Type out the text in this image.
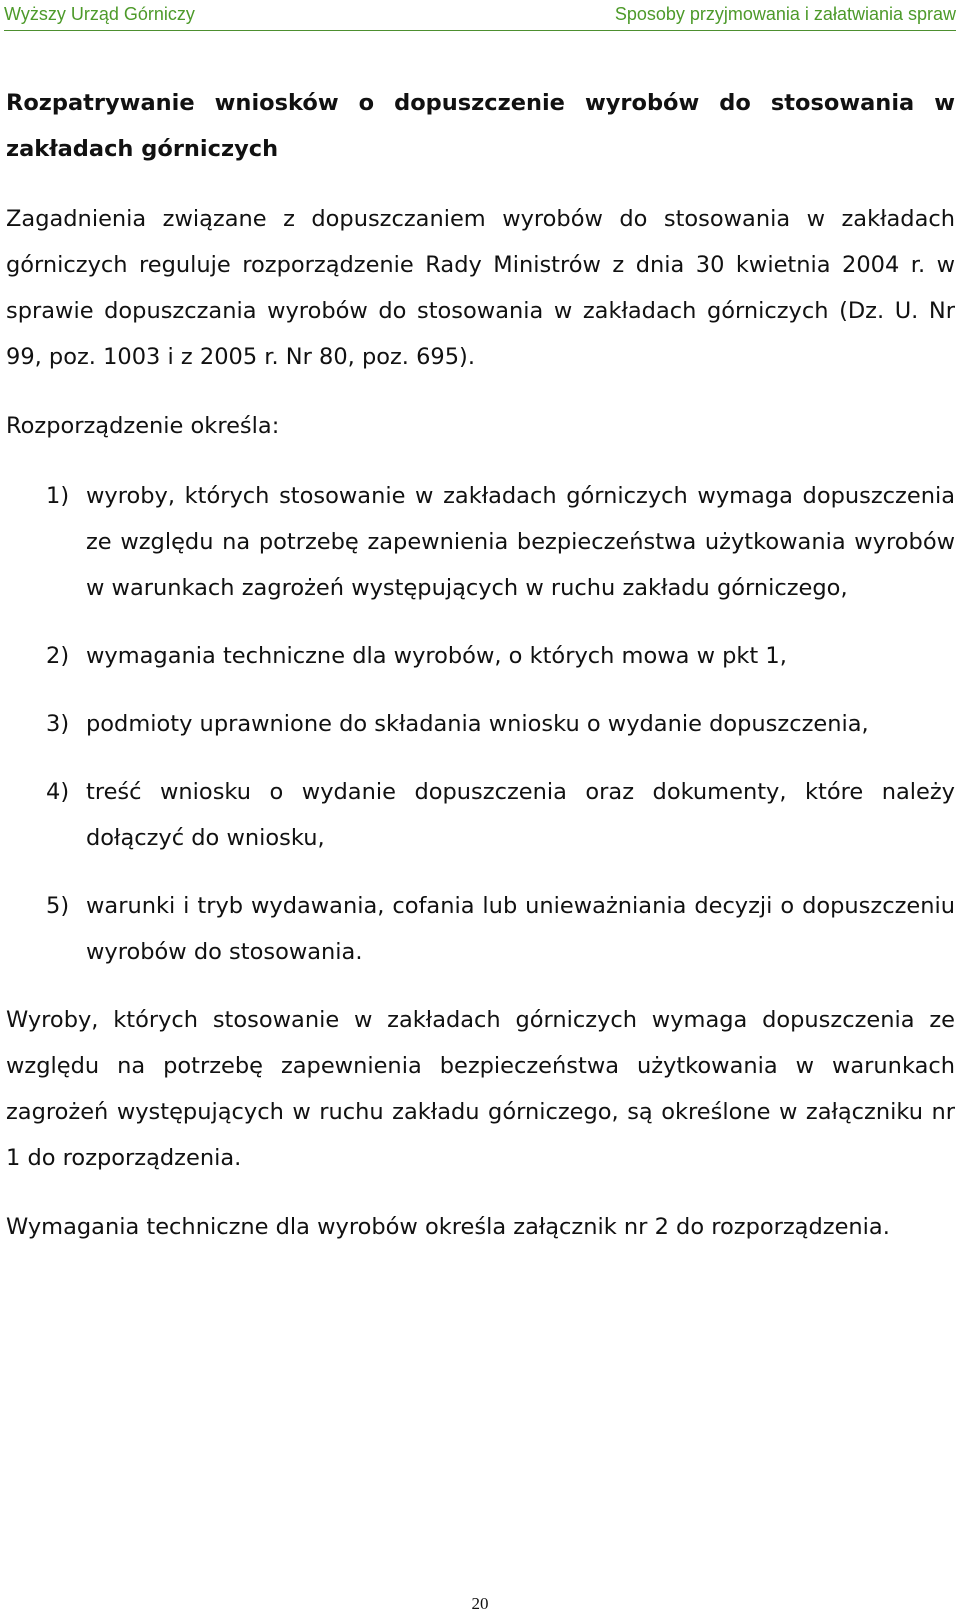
Wyższy Urząd Górniczy	Sposoby przyjmowania i załatwiania spraw
Rozpatrywanie wniosków o dopuszczenie wyrobów do stosowania w zakładach górniczych

Zagadnienia związane z dopuszczaniem wyrobów do stosowania w zakładach górniczych reguluje rozporządzenie Rady Ministrów z dnia 30 kwietnia 2004 r. w sprawie dopuszczania wyrobów do stosowania w zakładach górniczych (Dz. U. Nr 99, poz. 1003 i z 2005 r. Nr 80, poz. 695).

Rozporządzenie określa:

1) wyroby, których stosowanie w zakładach górniczych wymaga dopuszczenia ze względu na potrzebę zapewnienia bezpieczeństwa użytkowania wyrobów w warunkach zagrożeń występujących w ruchu zakładu górniczego,
2) wymagania techniczne dla wyrobów, o których mowa w pkt 1,
3) podmioty uprawnione do składania wniosku o wydanie dopuszczenia,
4) treść wniosku o wydanie dopuszczenia oraz dokumenty, które należy dołączyć do wniosku,
5) warunki i tryb wydawania, cofania lub unieważniania decyzji o dopuszczeniu wyrobów do stosowania.

Wyroby, których stosowanie w zakładach górniczych wymaga dopuszczenia ze względu na potrzebę zapewnienia bezpieczeństwa użytkowania w warunkach zagrożeń występujących w ruchu zakładu górniczego, są określone w załączniku nr 1 do rozporządzenia.

Wymagania techniczne dla wyrobów określa załącznik nr 2 do rozporządzenia.

20
